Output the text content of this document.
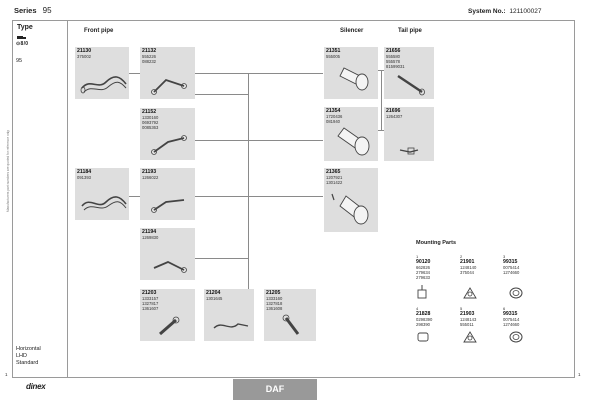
Series 95	System No.: 121100027
Manufacturers part numbers are quoted for reference only
Type
⊙8/0
95
Horizontal
LHD
Standard
Front pipe	Silencer	Tail pipe
Mounting Parts
21130
375002
21132
555226
088232
21152
1330160
0693792
0085363
21184
091393
21193
1266022
21194
1269830
21203
1333157
1327817
1361607
21204
1301645
21205
1333160
1327818
1361608
21351
555005
21354
1720436
081940
21365
1207921
1301422
21656
555580
555578
81599031
21696
1264307
1
90120
662826
279634
279633
2
21901
1248140
375044
3
99315
0075414
1274660
4
21828
0298390
298390
5
21903
1248143
555011
6
99315
0075414
1274660
dinex	DAF
1	1
